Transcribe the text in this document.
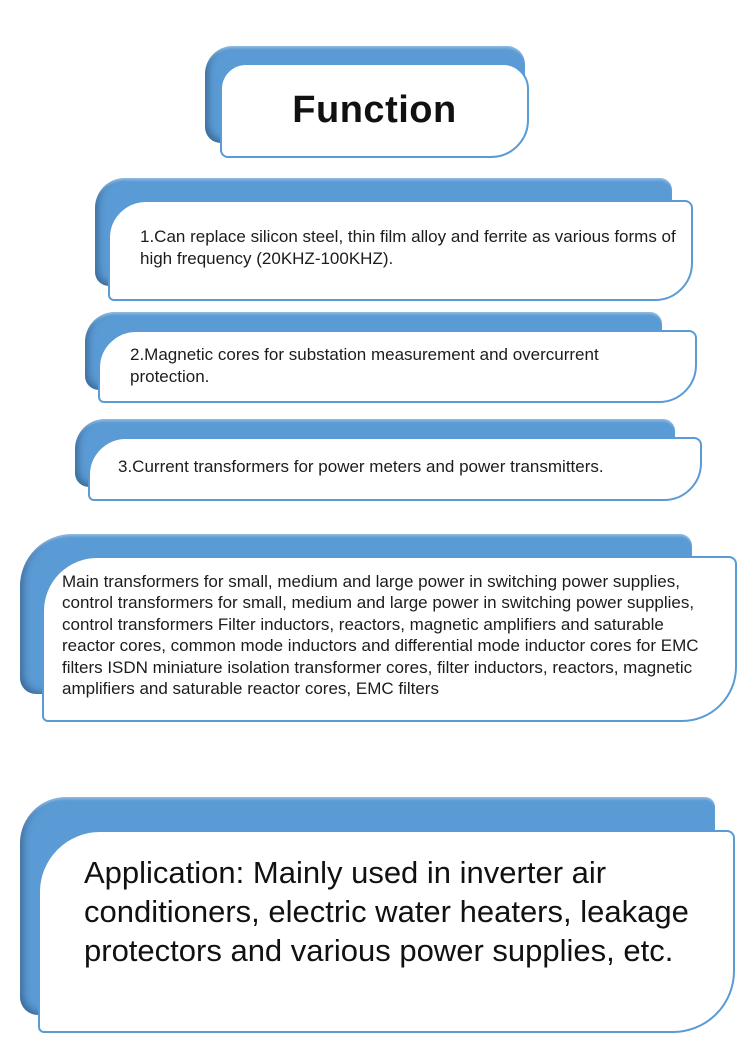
Function

1.Can replace silicon steel, thin film alloy and ferrite as various forms of high frequency (20KHZ-100KHZ).

2.Magnetic cores for substation measurement and overcurrent protection.

3.Current transformers for power meters and power transmitters.

Main transformers for small, medium and large power in switching power supplies, control transformers for small, medium and large power in switching power supplies, control transformers Filter inductors, reactors, magnetic amplifiers and saturable reactor cores, common mode inductors and differential mode inductor cores for EMC filters ISDN miniature isolation transformer cores, filter inductors, reactors, magnetic amplifiers and saturable reactor cores, EMC filters

Application: Mainly used in inverter air conditioners, electric water heaters, leakage protectors and various power supplies, etc.
